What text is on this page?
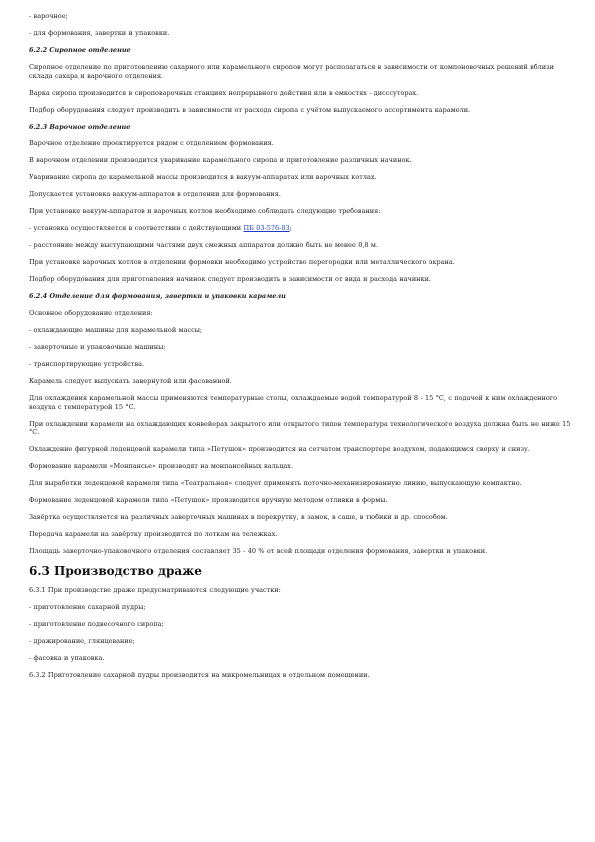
- варочное;

- для формования, завертки и упаковки.

6.2.2 Сиропное отделение

Сиропное отделение по приготовлению сахарного или карамельного сиропов могут располагаться в зависимости от компоновочных решений вблизи склада сахара и варочного отделения.

Варка сиропа производится в сироповарочных станциях непрерывного действия или в емкостях - дисссуторах.

Подбор оборудования следует производить в зависимости от расхода сиропа с учётом выпускаемого ассортимента карамели.

6.2.3 Варочное отделение

Варочное отделение проектируется рядом с отделением формования.

В варочном отделении производится уваривание карамельного сиропа и приготовление различных начинок.

Уваривание сиропа до карамельной массы производится в вакуум-аппаратах или варочных котлах.

Допускается установка вакуум-аппаратов в отделении для формования.

При установке вакуум-аппаратов и варочных котлов необходимо соблюдать следующие требования:

- установка осуществляется в соответствии с действующими ПБ 03-576-03;

- расстояние между выступающими частями двух смежных аппаратов должно быть не менее 0,8 м.

При установке варочных котлов в отделении формовки необходимо устройство перегородки или металлического экрана.

Подбор оборудования для приготовления начинок следует производить в зависимости от вида и расхода начинки.

6.2.4 Отделение для формования, завертки и упаковки карамели

Основное оборудование отделения:

- охлаждающие машины для карамельной массы;

- заверточные и упаковочные машины;

- транспортирующие устройства.

Карамель следует выпускать завернутой или фасованной.

Для охлаждения карамельной массы применяются температурные столы, охлаждаемые водой температурой 8 - 15 °С, с подачей к ним охлажденного воздуха с температурой 15 °С.

При охлаждении карамели на охлаждающих конвейерах закрытого или открытого типов температура технологического воздуха должна быть не ниже 15 °С.

Охлаждение фигурной леденцовой карамели типа «Петушок» производится на сетчатом транспортере воздухом, подающимся сверху и снизу.

Формование карамели «Монпансье» производят на монпансейных вальцах.

Для выработки леденцовой карамели типа «Театральная» следует применять поточно-механизированную линию, выпускающую компактно.

Формование леденцовой карамели типа «Петушок» производится вручную методом отливки в формы.

Завёртка осуществляется на различных заверточных машинах в перекрутку, в замок, в саше, в тюбики и др. способом.

Передача карамели на завёртку производится по лоткам на тележках.

Площадь заверточно-упаковочного отделения составляет 35 - 40 % от всей площади отделения формования, завертки и упаковки.

6.3 Производство драже

6.3.1 При производстве драже предусматриваются следующие участки:

- приготовление сахарной пудры;

- приготовление подвесочного сиропа;

- дражирование, глянцевание;

- фасовка и упаковка.

6.3.2 Приготовление сахарной пудры производится на микромельницах в отдельном помещении.
